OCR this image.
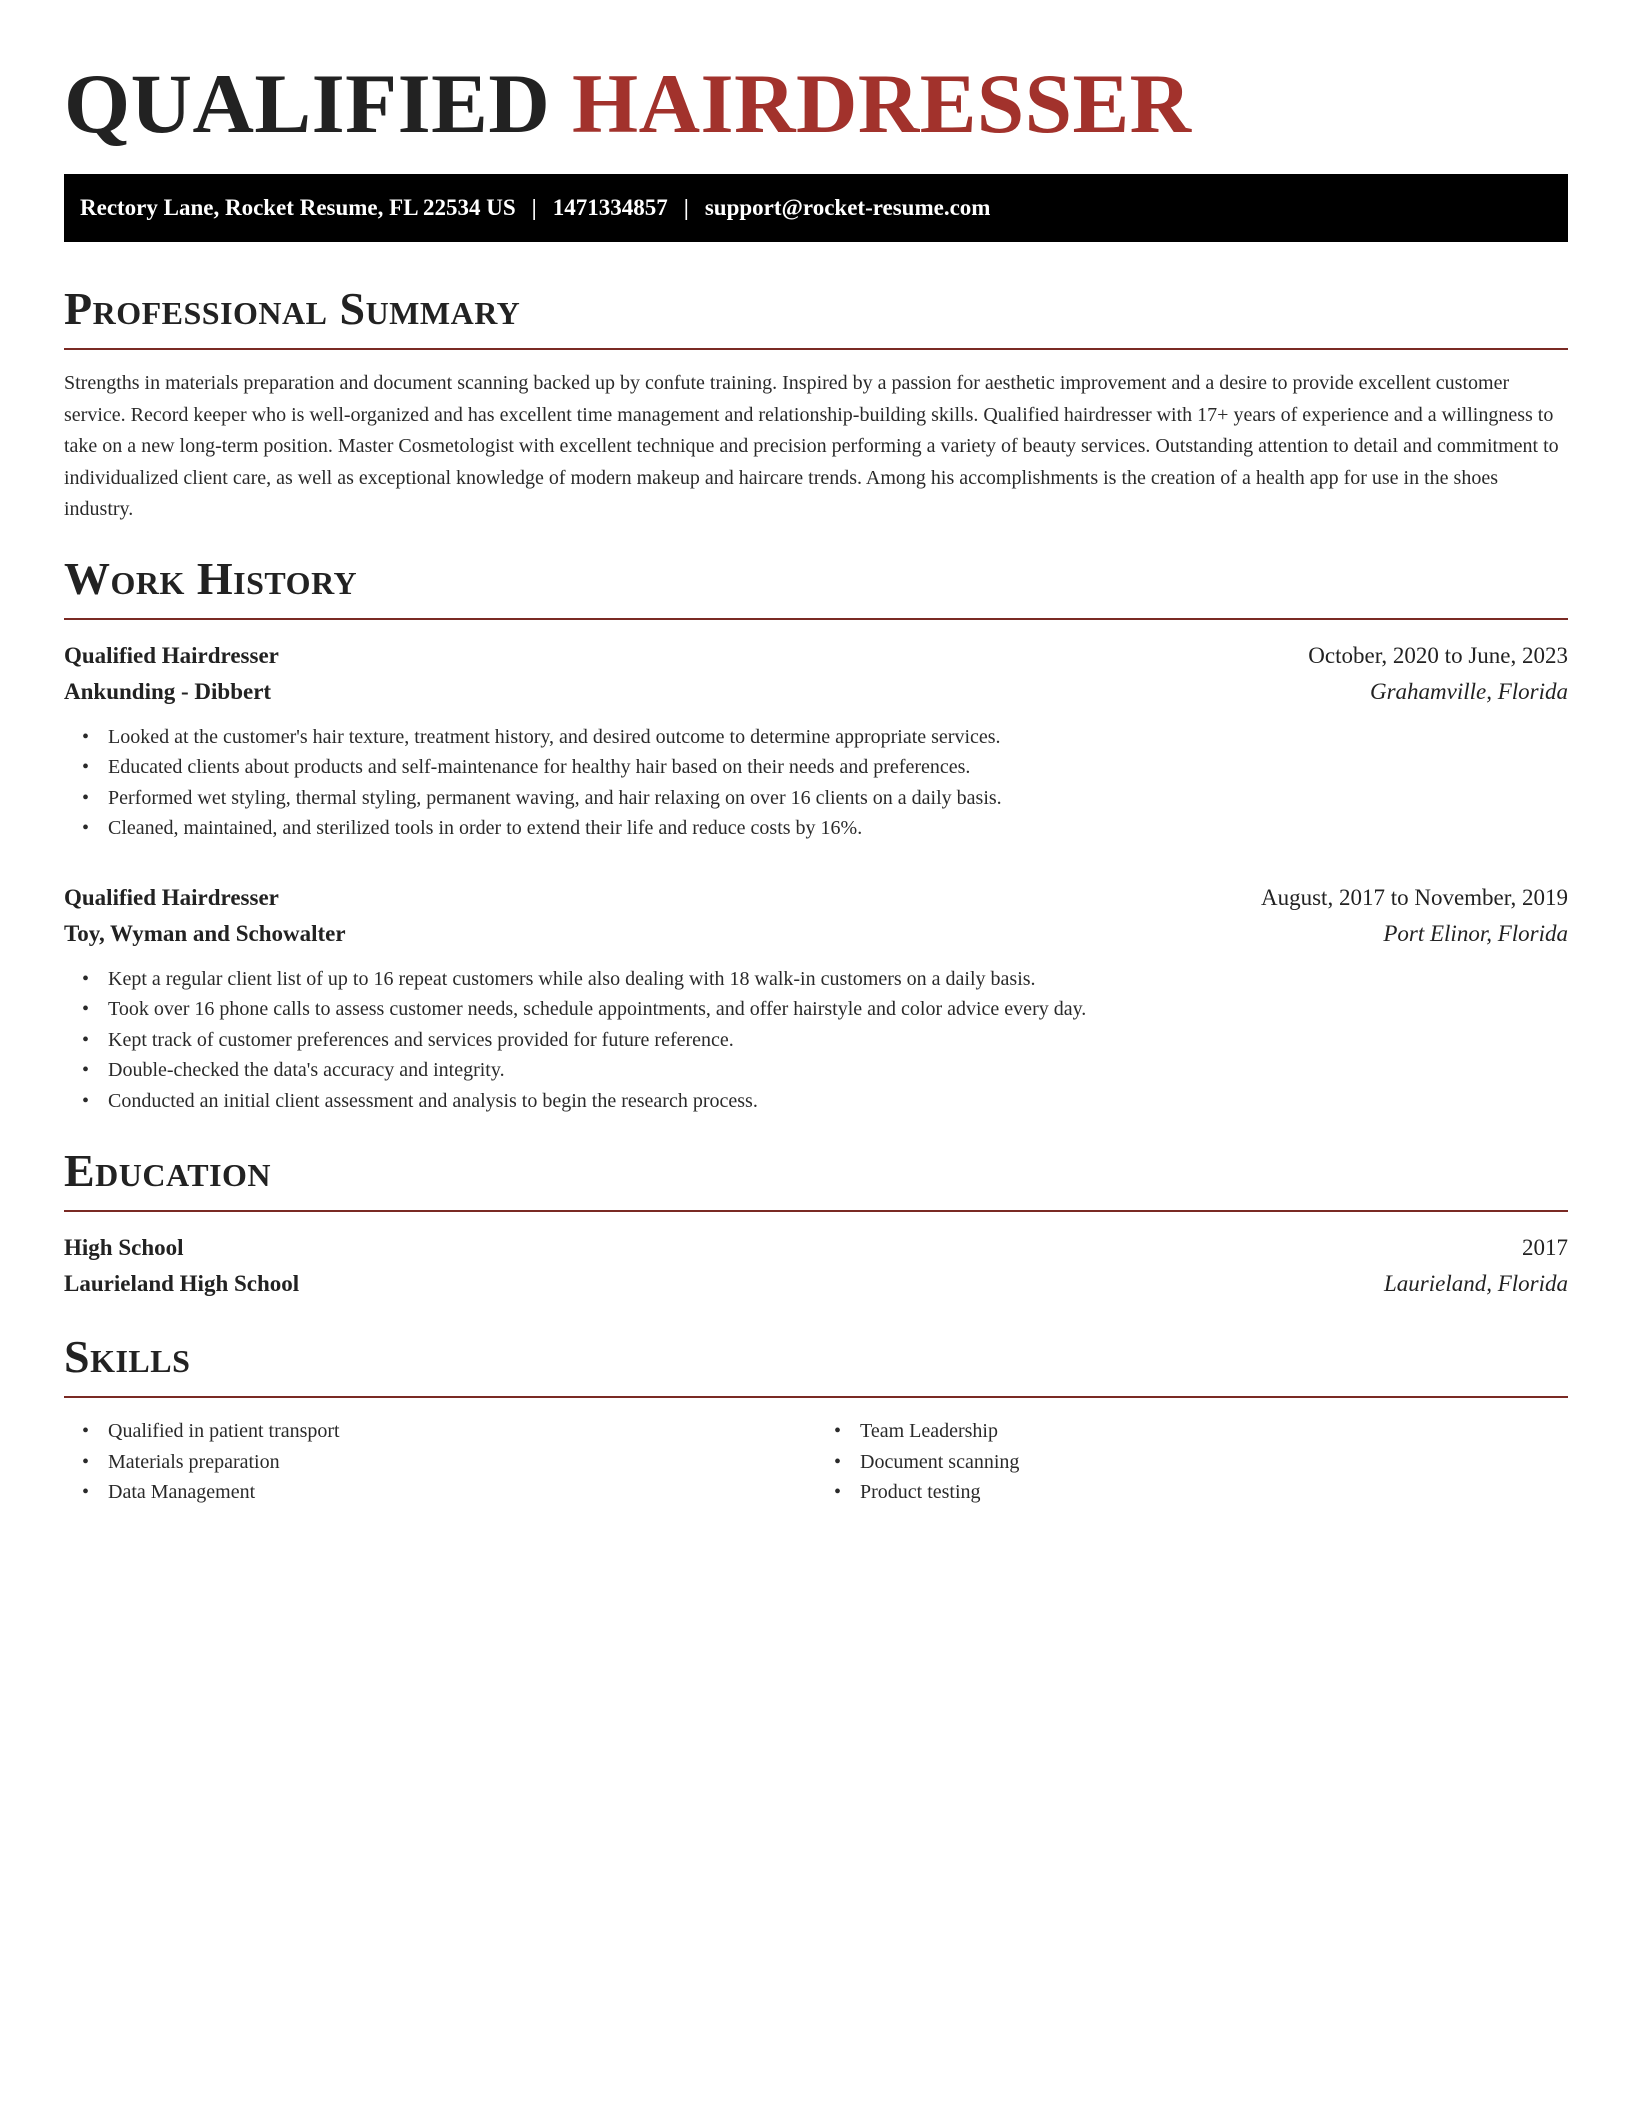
QUALIFIED HAIRDRESSER
Rectory Lane, Rocket Resume, FL 22534 US | 1471334857 | support@rocket-resume.com
Professional Summary

Strengths in materials preparation and document scanning backed up by confute training. Inspired by a passion for aesthetic improvement and a desire to provide excellent customer service. Record keeper who is well-organized and has excellent time management and relationship-building skills. Qualified hairdresser with 17+ years of experience and a willingness to take on a new long-term position. Master Cosmetologist with excellent technique and precision performing a variety of beauty services. Outstanding attention to detail and commitment to individualized client care, as well as exceptional knowledge of modern makeup and haircare trends. Among his accomplishments is the creation of a health app for use in the shoes industry.

Work History
Qualified Hairdresser	October, 2020 to June, 2023
Ankunding - Dibbert	Grahamville, Florida
• Looked at the customer's hair texture, treatment history, and desired outcome to determine appropriate services.
• Educated clients about products and self-maintenance for healthy hair based on their needs and preferences.
• Performed wet styling, thermal styling, permanent waving, and hair relaxing on over 16 clients on a daily basis.
• Cleaned, maintained, and sterilized tools in order to extend their life and reduce costs by 16%.
Qualified Hairdresser	August, 2017 to November, 2019
Toy, Wyman and Schowalter	Port Elinor, Florida
• Kept a regular client list of up to 16 repeat customers while also dealing with 18 walk-in customers on a daily basis.
• Took over 16 phone calls to assess customer needs, schedule appointments, and offer hairstyle and color advice every day.
• Kept track of customer preferences and services provided for future reference.
• Double-checked the data's accuracy and integrity.
• Conducted an initial client assessment and analysis to begin the research process.
Education
High School	2017
Laurieland High School	Laurieland, Florida
Skills
• Qualified in patient transport
• Materials preparation
• Data Management
• Team Leadership
• Document scanning
• Product testing
